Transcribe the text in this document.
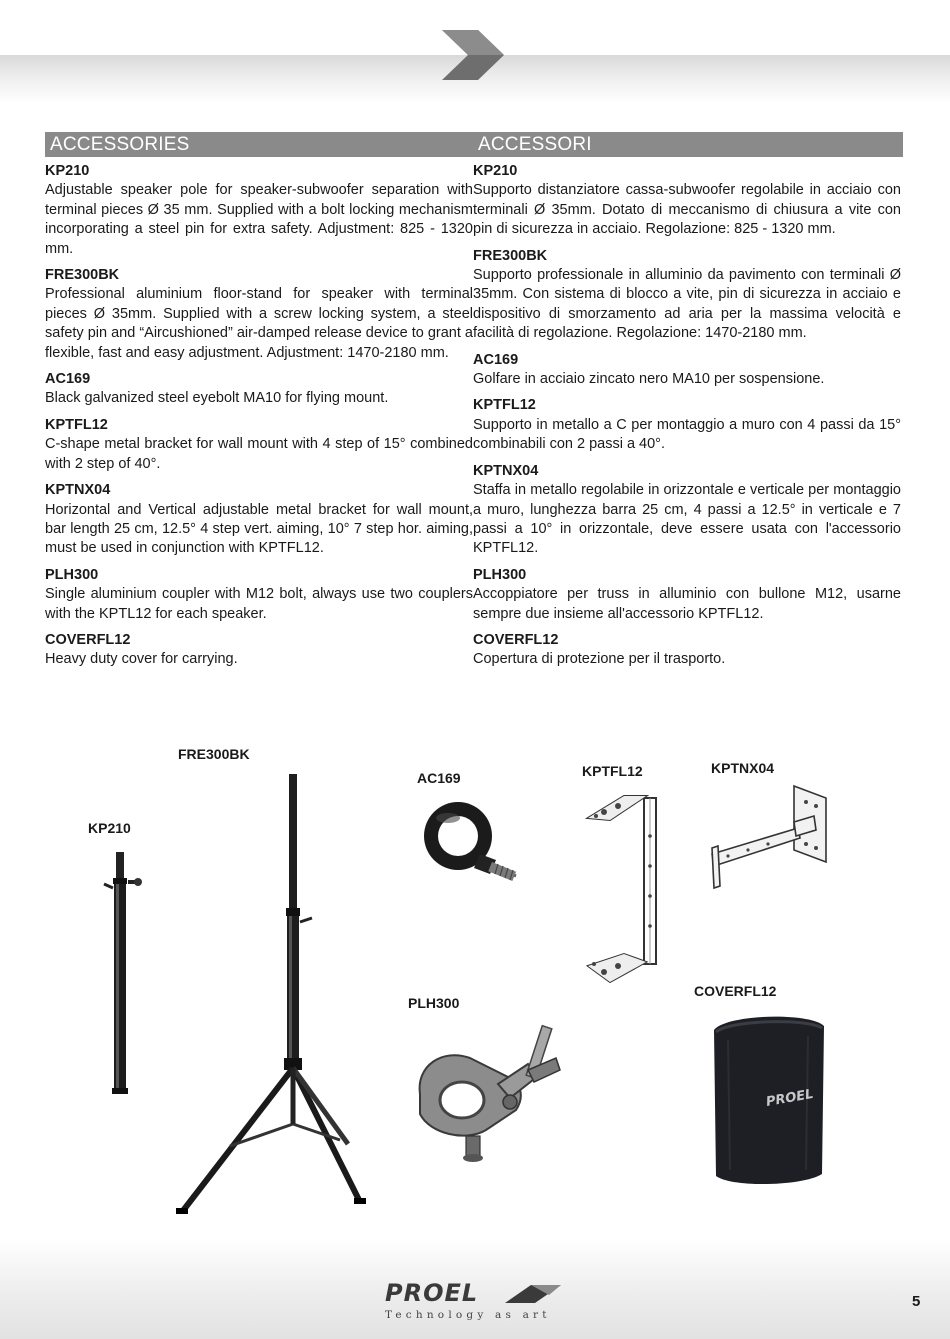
ACCESSORIES
KP210
Adjustable speaker pole for speaker-subwoofer separation with terminal pieces Ø 35 mm. Supplied with a bolt locking mechanism incorporating a steel pin for extra safety. Adjustment: 825 - 1320 mm.
FRE300BK
Professional aluminium floor-stand for speaker with terminal pieces Ø 35mm. Supplied with a screw locking system, a steel safety pin and “Aircushioned” air-damped release device to grant a flexible, fast and easy adjustment. Adjustment: 1470-2180 mm.
AC169
Black galvanized steel eyebolt MA10 for flying mount.
KPTFL12
C-shape metal bracket for wall mount with 4 step of 15° combined with 2 step of 40°.
KPTNX04
Horizontal and Vertical adjustable metal bracket for wall mount, bar length 25 cm, 12.5° 4 step vert. aiming, 10° 7 step hor. aiming, must be used in conjunction with KPTFL12.
PLH300
Single aluminium coupler with M12 bolt, always use two couplers with the KPTL12 for each speaker.
COVERFL12
Heavy duty cover for carrying.
ACCESSORI
KP210
Supporto distanziatore cassa-subwoofer regolabile in acciaio con terminali Ø 35mm. Dotato di meccanismo di chiusura a vite con pin di sicurezza in acciaio. Regolazione: 825 - 1320 mm.
FRE300BK
Supporto professionale in alluminio da pavimento con terminali Ø 35mm. Con sistema di blocco a vite, pin di sicurezza in acciaio e dispositivo di smorzamento ad aria per la massima velocità e facilità di regolazione. Regolazione: 1470-2180 mm.
AC169
Golfare in acciaio zincato nero MA10 per sospensione.
KPTFL12
Supporto in metallo a C per montaggio a muro con 4 passi da 15° combinabili con 2 passi a 40°.
KPTNX04
Staffa in metallo regolabile in orizzontale e verticale per montaggio a muro, lunghezza barra 25 cm, 4 passi a 12.5° in verticale e 7 passi a 10° in orizzontale, deve essere usata con l'accessorio KPTFL12.
PLH300
Accoppiatore per truss in alluminio con bullone M12, usarne sempre due insieme all'accessorio KPTFL12.
COVERFL12
Copertura di protezione per il trasporto.
KP210
FRE300BK
AC169	KPTFL12	KPTNX04
PLH300
COVERFL12
PROEL
PROEL
Technology as art
5
